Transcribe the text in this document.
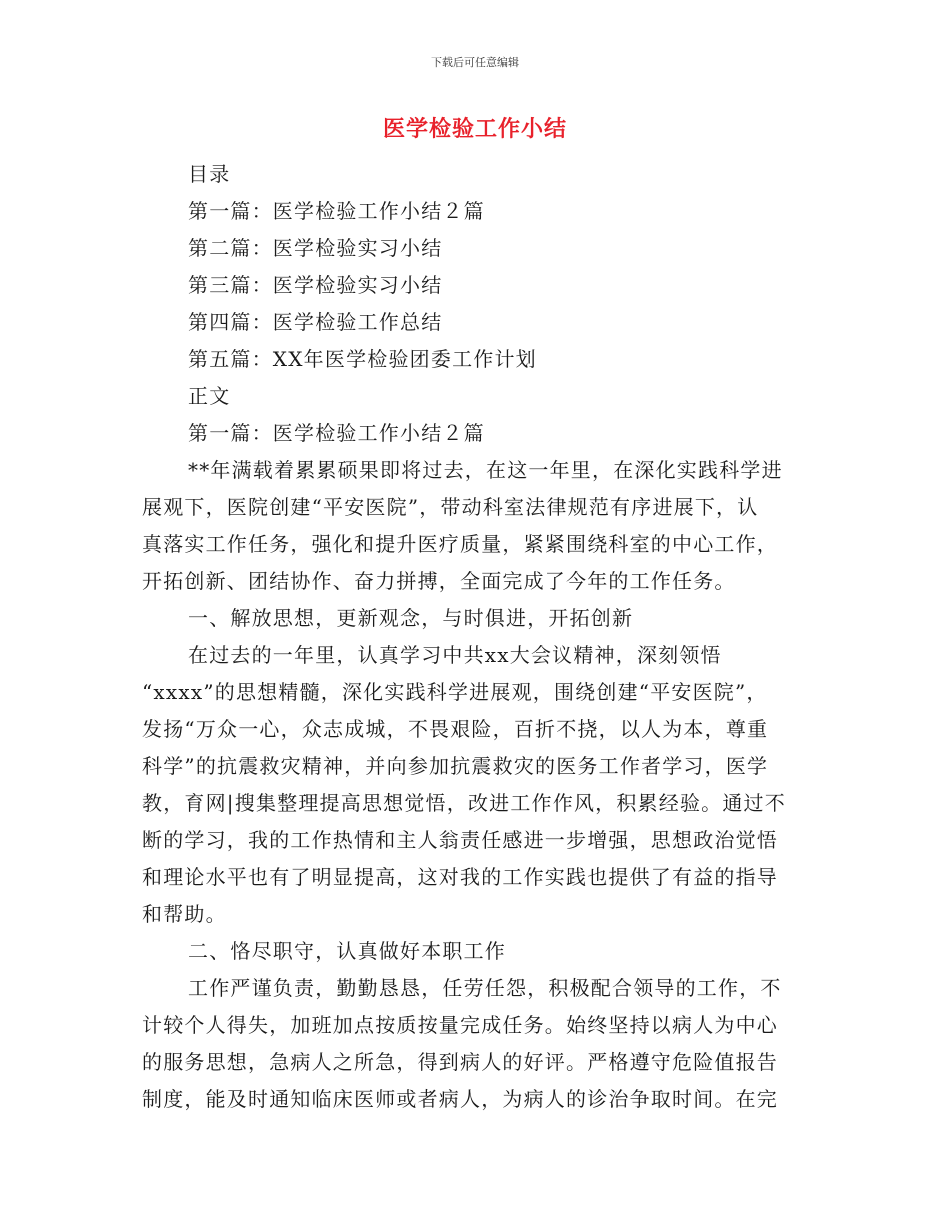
下载后可任意编辑
医学检验工作小结
目录
第一篇：医学检验工作小结２篇
第二篇：医学检验实习小结
第三篇：医学检验实习小结
第四篇：医学检验工作总结
第五篇：XX年医学检验团委工作计划
正文
第一篇：医学检验工作小结２篇
**年满载着累累硕果即将过去，在这一年里，在深化实践科学进
展观下，医院创建“平安医院”，带动科室法律规范有序进展下，认
真落实工作任务，强化和提升医疗质量，紧紧围绕科室的中心工作，
开拓创新、团结协作、奋力拼搏，全面完成了今年的工作任务。
一、解放思想，更新观念，与时俱进，开拓创新
在过去的一年里，认真学习中共xx大会议精神，深刻领悟
“xxxx”的思想精髓，深化实践科学进展观，围绕创建“平安医院”，
发扬“万众一心，众志成城，不畏艰险，百折不挠，以人为本，尊重
科学”的抗震救灾精神，并向参加抗震救灾的医务工作者学习，医学
教，育网|搜集整理提高思想觉悟，改进工作作风，积累经验。通过不
断的学习，我的工作热情和主人翁责任感进一步增强，思想政治觉悟
和理论水平也有了明显提高，这对我的工作实践也提供了有益的指导
和帮助。
二、恪尽职守，认真做好本职工作
工作严谨负责，勤勤恳恳，任劳任怨，积极配合领导的工作，不
计较个人得失，加班加点按质按量完成任务。始终坚持以病人为中心
的服务思想，急病人之所急，得到病人的好评。严格遵守危险值报告
制度，能及时通知临床医师或者病人，为病人的诊治争取时间。在完
